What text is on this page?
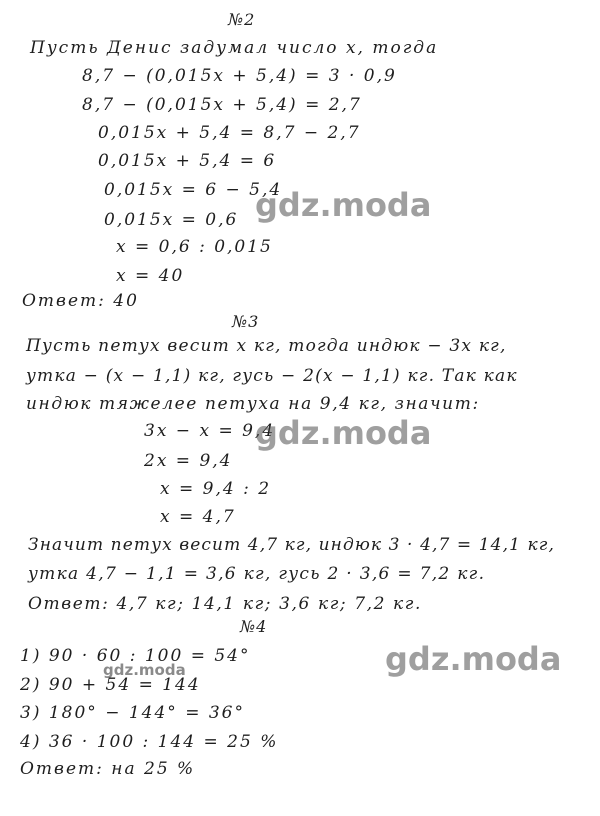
№2
Пусть Денис задумал число x, тогда
8,7 − (0,015x + 5,4) = 3 · 0,9
8,7 − (0,015x + 5,4) = 2,7
0,015x + 5,4 = 8,7 − 2,7
0,015x + 5,4 = 6
0,015x = 6 − 5,4
0,015x = 0,6
x = 0,6 : 0,015
x = 40
Ответ: 40
№3
Пусть петух весит x кг, тогда индюк − 3x кг,
утка − (x − 1,1) кг, гусь − 2(x − 1,1) кг. Так как
индюк тяжелее петуха на 9,4 кг, значит:
3x − x = 9,4
2x = 9,4
x = 9,4 : 2
x = 4,7
Значит петух весит 4,7 кг, индюк 3 · 4,7 = 14,1 кг,
утка 4,7 − 1,1 = 3,6 кг, гусь 2 · 3,6 = 7,2 кг.
Ответ: 4,7 кг; 14,1 кг; 3,6 кг; 7,2 кг.
№4
1) 90 · 60 : 100 = 54°
2) 90 + 54 = 144
3) 180° − 144° = 36°
4) 36 · 100 : 144 = 25 %
Ответ: на 25 %
gdz.moda
gdz.moda
gdz.moda
gdz.moda
